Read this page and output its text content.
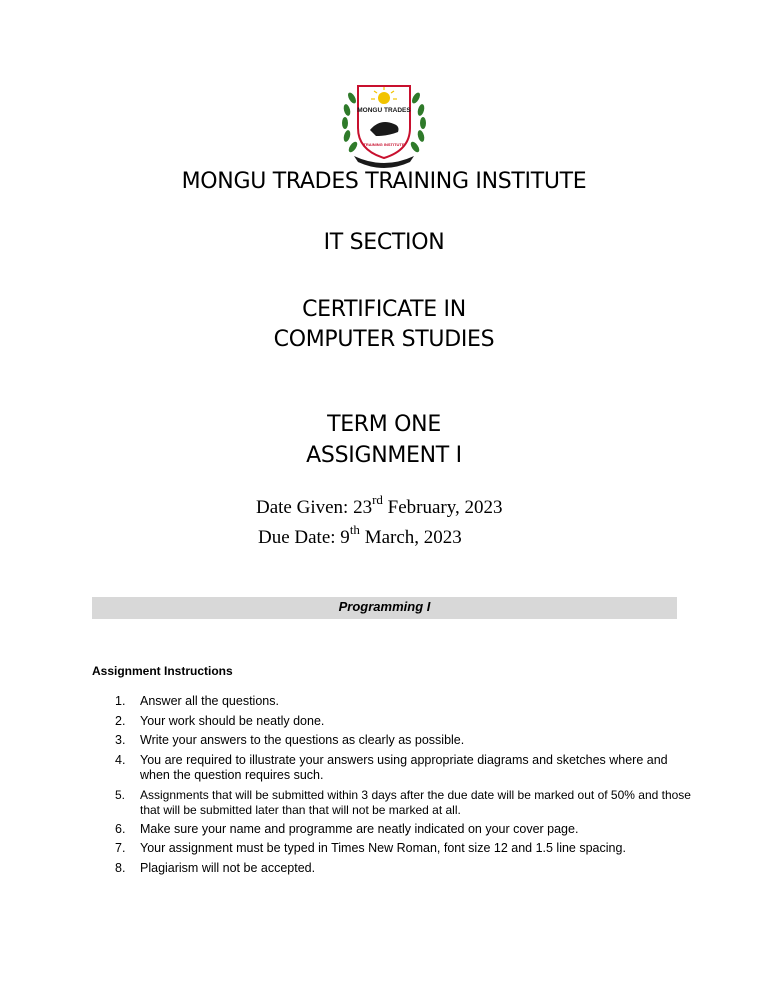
MONGU TRADES
TRAINING INSTITUTE
MONGU TRADES TRAINING INSTITUTE
IT SECTION
CERTIFICATE IN
COMPUTER STUDIES
TERM ONE
ASSIGNMENT I
Date Given: 23rd February, 2023
Due Date: 9th March, 2023
Programming I
Assignment Instructions
1. Answer all the questions.
2. Your work should be neatly done.
3. Write your answers to the questions as clearly as possible.
4. You are required to illustrate your answers using appropriate diagrams and sketches where and when the question requires such.
5. Assignments that will be submitted within 3 days after the due date will be marked out of 50% and those that will be submitted later than that will not be marked at all.
6. Make sure your name and programme are neatly indicated on your cover page.
7. Your assignment must be typed in Times New Roman, font size 12 and 1.5 line spacing.
8. Plagiarism will not be accepted.
